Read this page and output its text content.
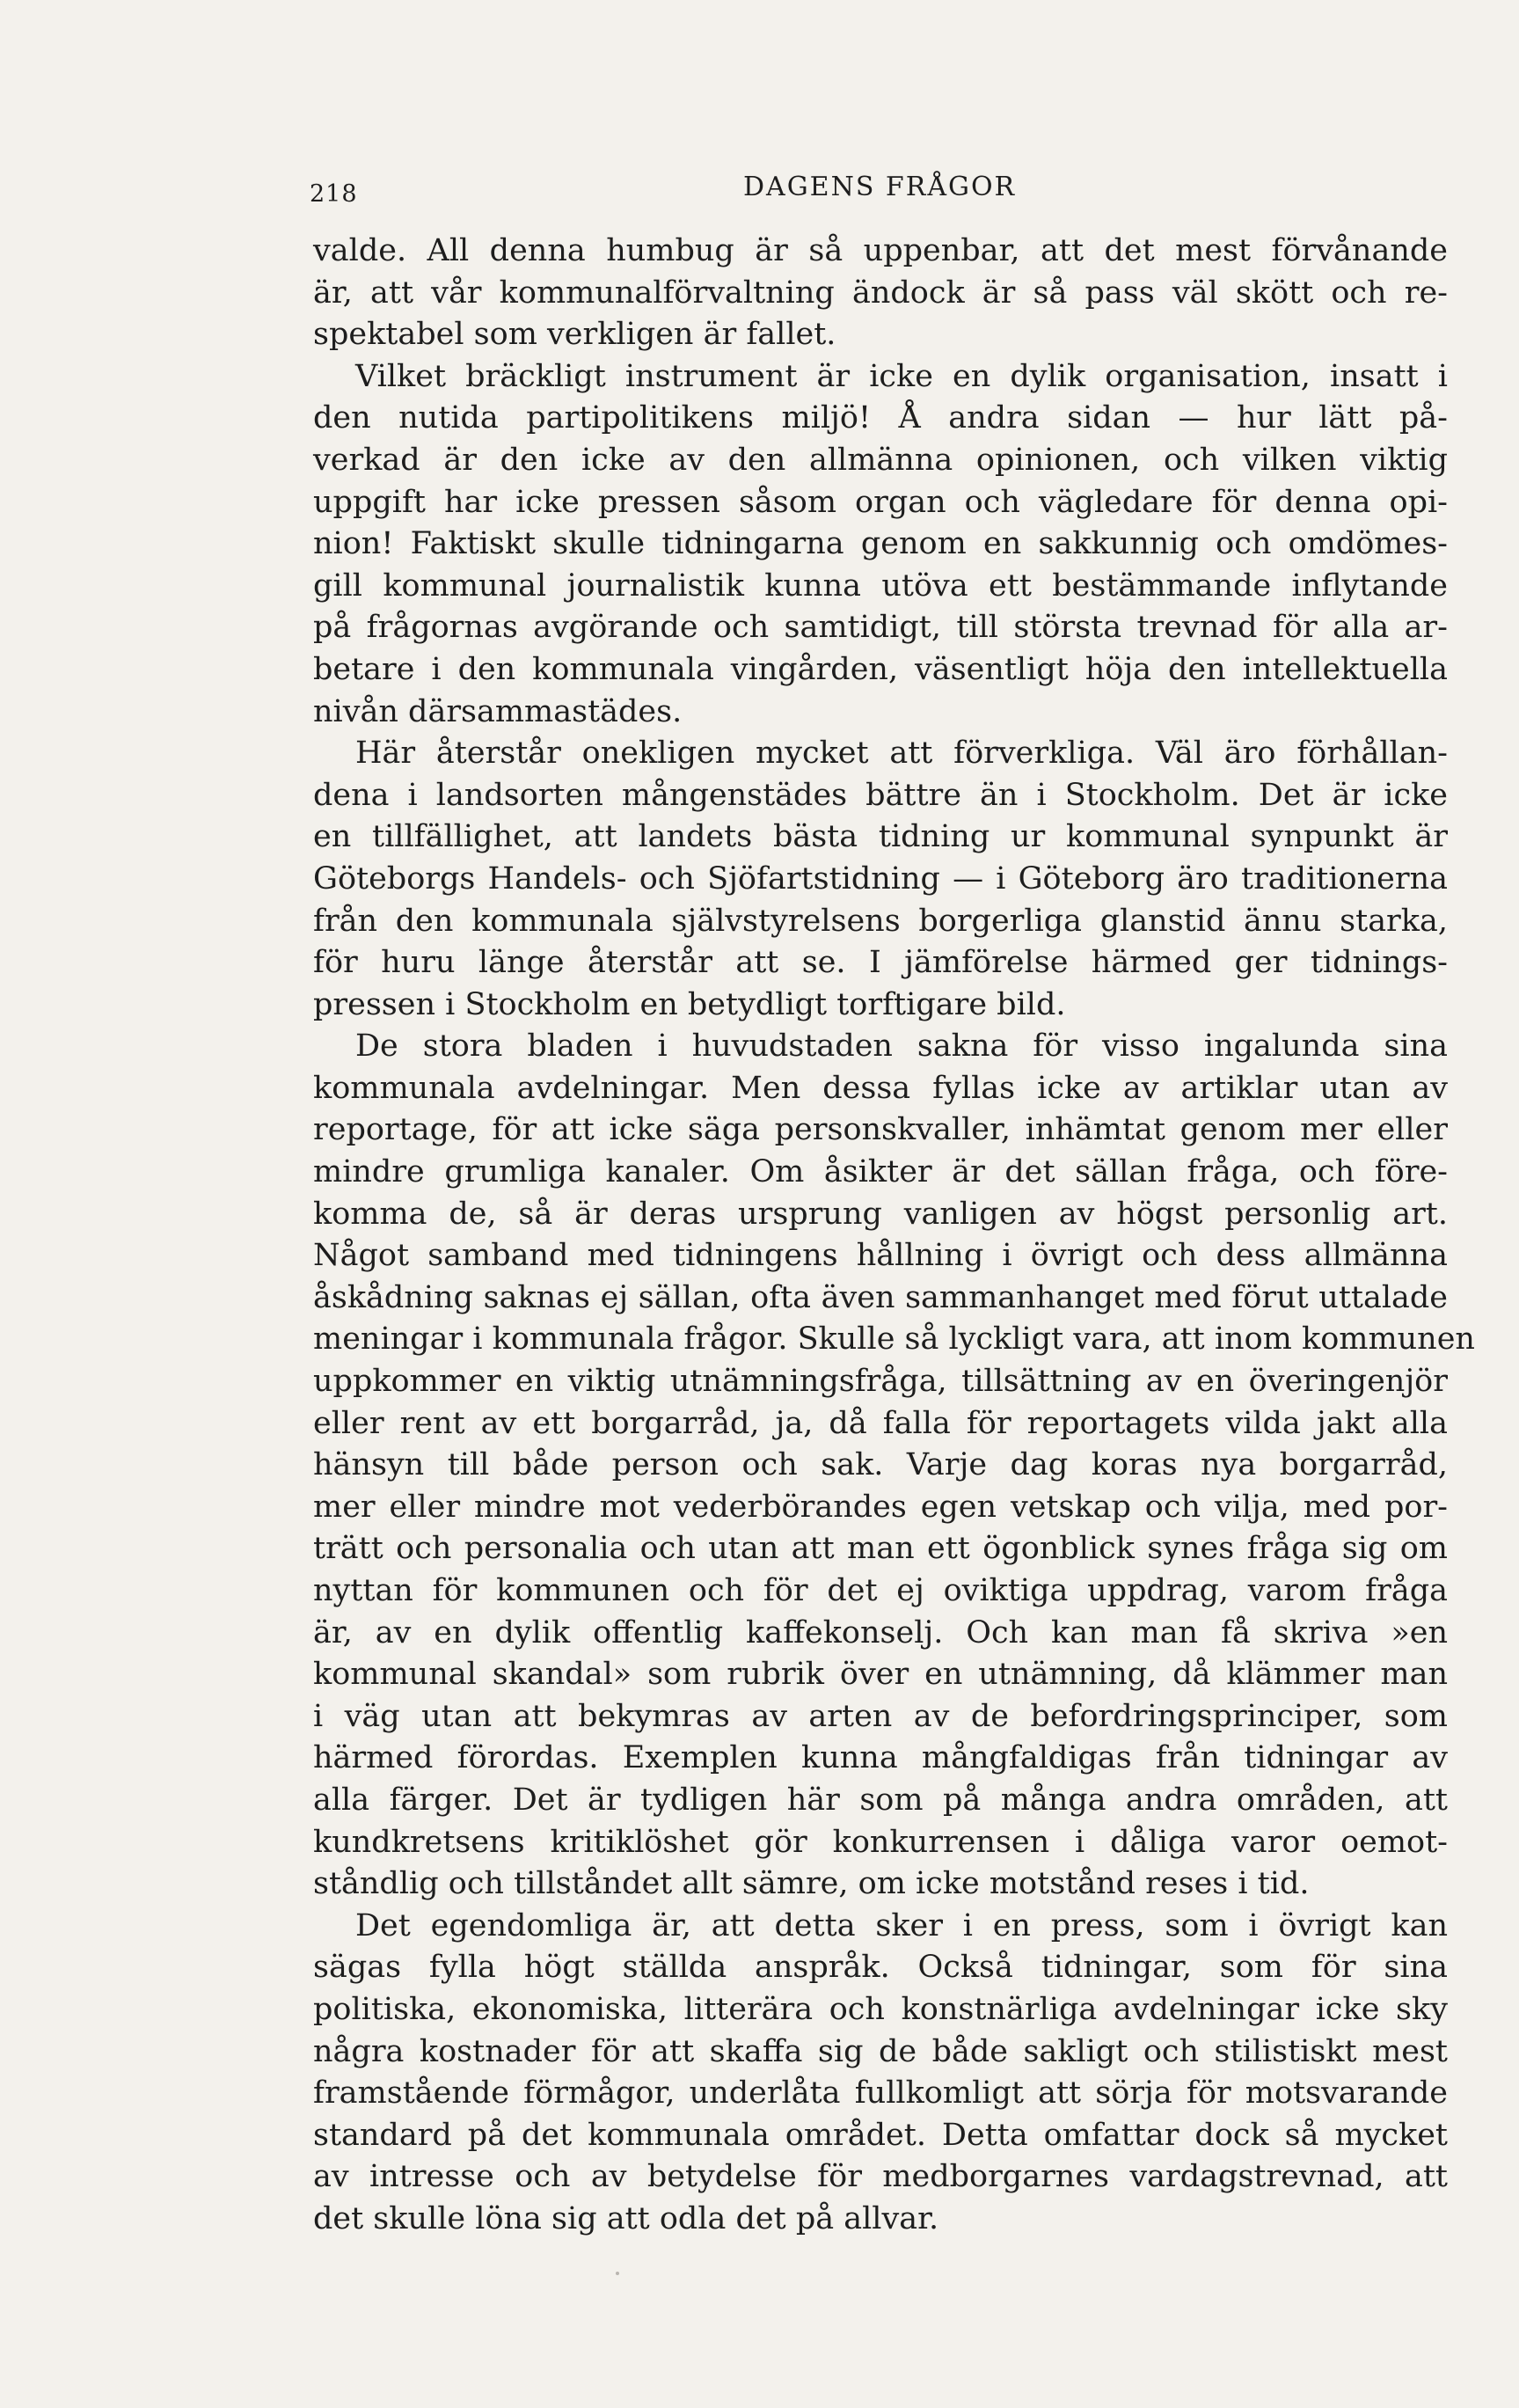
218	DAGENS FRÅGOR
valde. All denna humbug är så uppenbar, att det mest förvånande
är, att vår kommunalförvaltning ändock är så pass väl skött och re-
spektabel som verkligen är fallet.
Vilket bräckligt instrument är icke en dylik organisation, insatt i
den nutida partipolitikens miljö! Å andra sidan — hur lätt på-
verkad är den icke av den allmänna opinionen, och vilken viktig
uppgift har icke pressen såsom organ och vägledare för denna opi-
nion! Faktiskt skulle tidningarna genom en sakkunnig och omdömes-
gill kommunal journalistik kunna utöva ett bestämmande inflytande
på frågornas avgörande och samtidigt, till största trevnad för alla ar-
betare i den kommunala vingården, väsentligt höja den intellektuella
nivån därsammastädes.
Här återstår onekligen mycket att förverkliga. Väl äro förhållan-
dena i landsorten mångenstädes bättre än i Stockholm. Det är icke
en tillfällighet, att landets bästa tidning ur kommunal synpunkt är
Göteborgs Handels- och Sjöfartstidning — i Göteborg äro traditionerna
från den kommunala självstyrelsens borgerliga glanstid ännu starka,
för huru länge återstår att se. I jämförelse härmed ger tidnings-
pressen i Stockholm en betydligt torftigare bild.
De stora bladen i huvudstaden sakna för visso ingalunda sina
kommunala avdelningar. Men dessa fyllas icke av artiklar utan av
reportage, för att icke säga personskvaller, inhämtat genom mer eller
mindre grumliga kanaler. Om åsikter är det sällan fråga, och före-
komma de, så är deras ursprung vanligen av högst personlig art.
Något samband med tidningens hållning i övrigt och dess allmänna
åskådning saknas ej sällan, ofta även sammanhanget med förut uttalade
meningar i kommunala frågor. Skulle så lyckligt vara, att inom kommunen
uppkommer en viktig utnämningsfråga, tillsättning av en överingenjör
eller rent av ett borgarråd, ja, då falla för reportagets vilda jakt alla
hänsyn till både person och sak. Varje dag koras nya borgarråd,
mer eller mindre mot vederbörandes egen vetskap och vilja, med por-
trätt och personalia och utan att man ett ögonblick synes fråga sig om
nyttan för kommunen och för det ej oviktiga uppdrag, varom fråga
är, av en dylik offentlig kaffekonselj. Och kan man få skriva »en
kommunal skandal» som rubrik över en utnämning, då klämmer man
i väg utan att bekymras av arten av de befordringsprinciper, som
härmed förordas. Exemplen kunna mångfaldigas från tidningar av
alla färger. Det är tydligen här som på många andra områden, att
kundkretsens kritiklöshet gör konkurrensen i dåliga varor oemot-
ståndlig och tillståndet allt sämre, om icke motstånd reses i tid.
Det egendomliga är, att detta sker i en press, som i övrigt kan
sägas fylla högt ställda anspråk. Också tidningar, som för sina
politiska, ekonomiska, litterära och konstnärliga avdelningar icke sky
några kostnader för att skaffa sig de både sakligt och stilistiskt mest
framstående förmågor, underlåta fullkomligt att sörja för motsvarande
standard på det kommunala området. Detta omfattar dock så mycket
av intresse och av betydelse för medborgarnes vardagstrevnad, att
det skulle löna sig att odla det på allvar.
